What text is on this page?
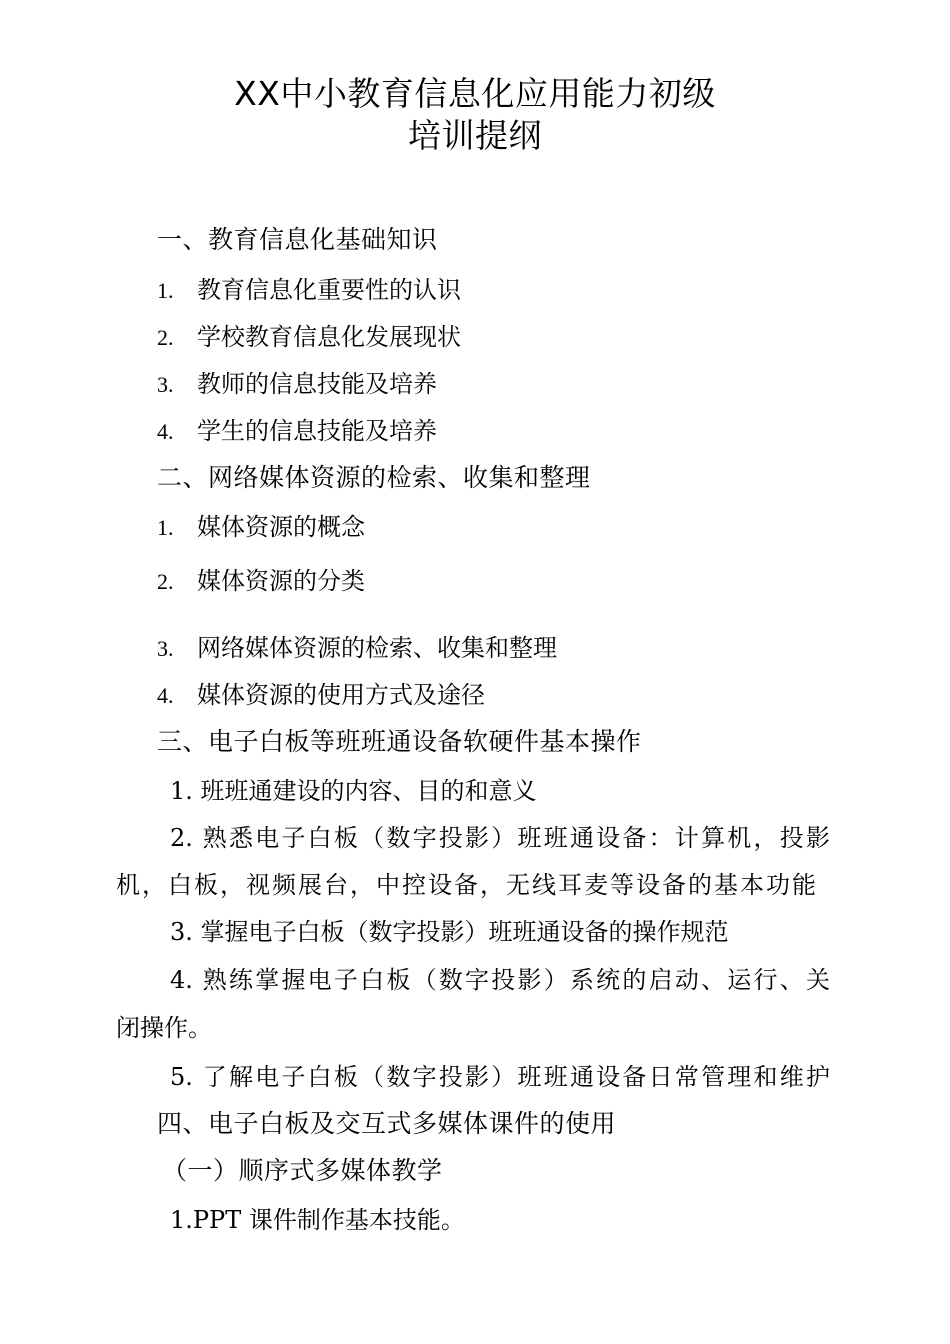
XX中小教育信息化应用能力初级
培训提纲
一、教育信息化基础知识
1. 教育信息化重要性的认识
2. 学校教育信息化发展现状
3. 教师的信息技能及培养
4. 学生的信息技能及培养
二、网络媒体资源的检索、收集和整理
1. 媒体资源的概念
2. 媒体资源的分类
3. 网络媒体资源的检索、收集和整理
4. 媒体资源的使用方式及途径
三、电子白板等班班通设备软硬件基本操作
1. 班班通建设的内容、目的和意义
2. 熟悉电子白板（数字投影）班班通设备：计算机，投影
机，白板，视频展台，中控设备，无线耳麦等设备的基本功能
3. 掌握电子白板（数字投影）班班通设备的操作规范
4. 熟练掌握电子白板（数字投影）系统的启动、运行、关
闭操作。
5. 了解电子白板（数字投影）班班通设备日常管理和维护
四、电子白板及交互式多媒体课件的使用
（一）顺序式多媒体教学
1.PPT 课件制作基本技能。
